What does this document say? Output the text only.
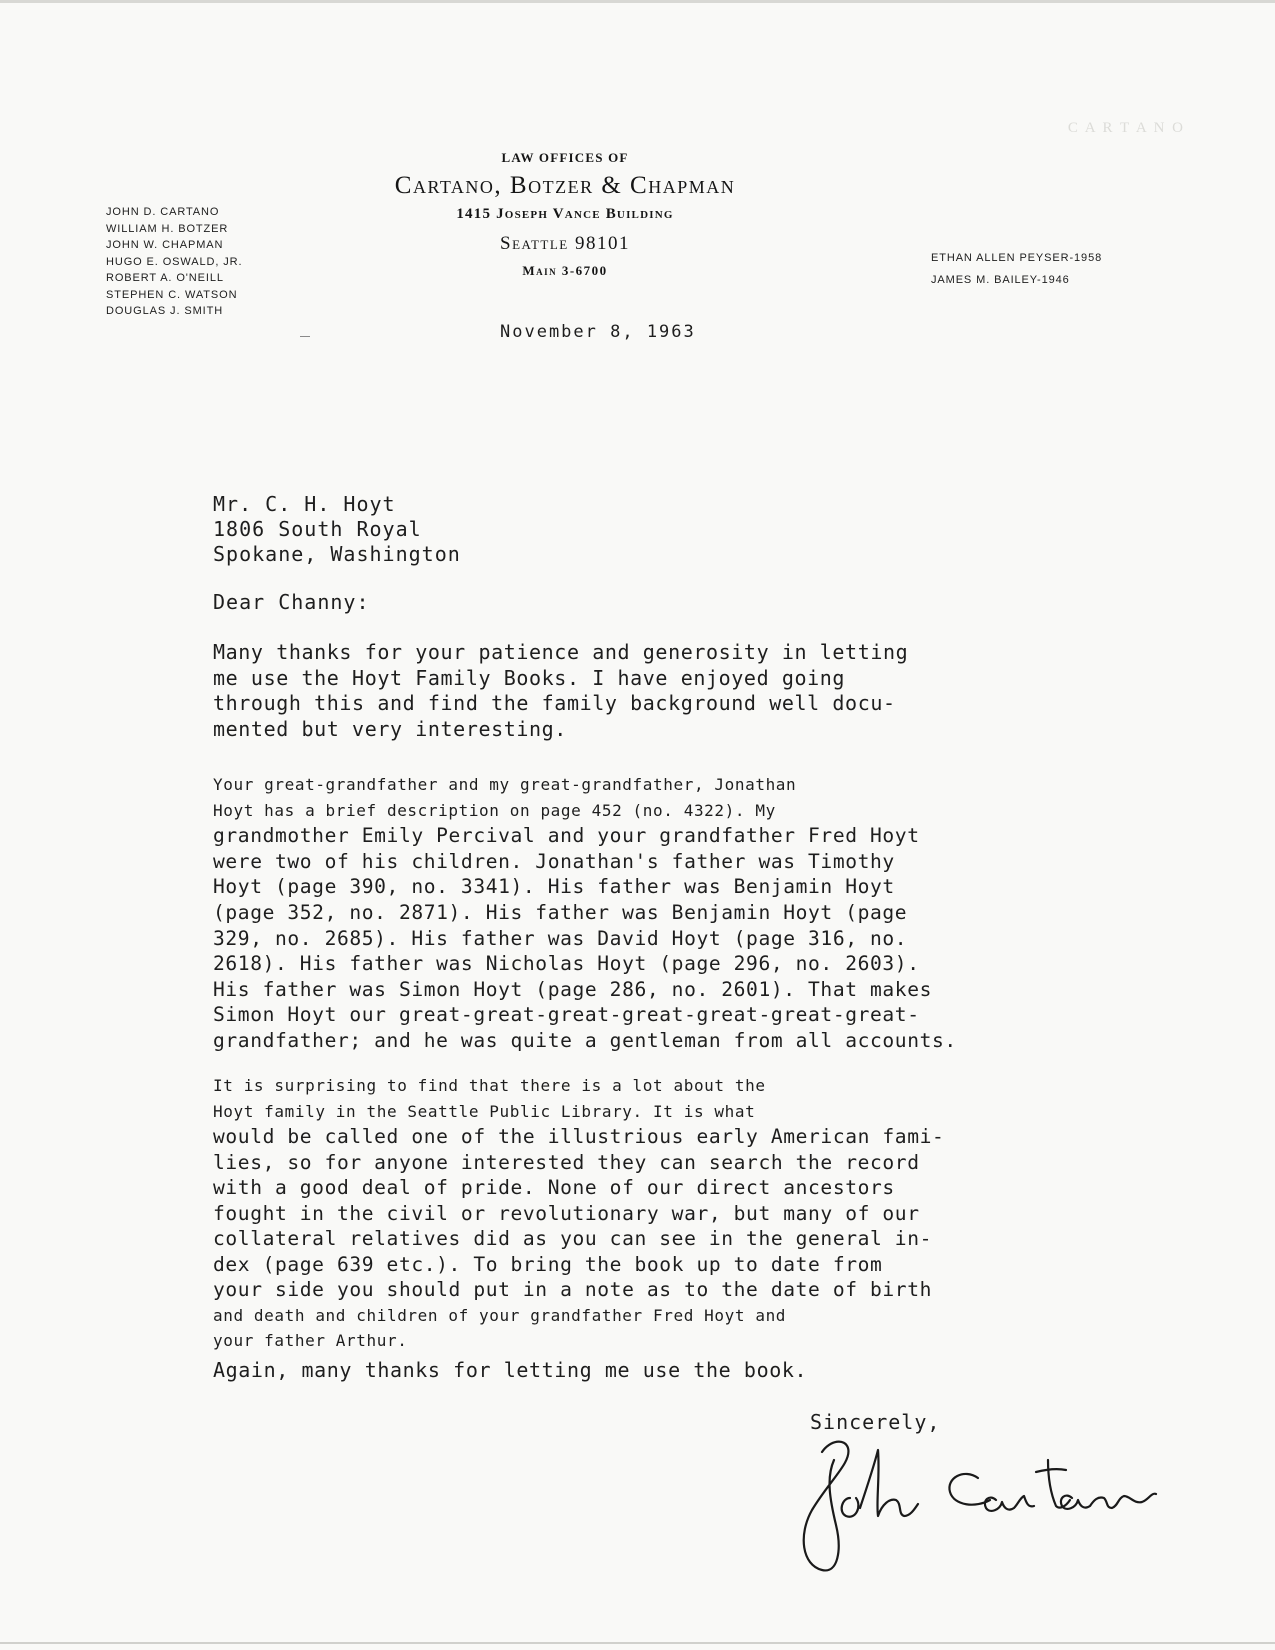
C A R T A N O
LAW OFFICES OF
Cartano, Botzer & Chapman
1415 Joseph Vance Building
Seattle 98101
Main 3-6700
JOHN D. CARTANO
WILLIAM H. BOTZER
JOHN W. CHAPMAN
HUGO E. OSWALD, JR.
ROBERT A. O'NEILL
STEPHEN C. WATSON
DOUGLAS J. SMITH
ETHAN ALLEN PEYSER-1958
JAMES M. BAILEY-1946
November 8, 1963
Mr. C. H. Hoyt
1806 South Royal
Spokane, Washington
Dear Channy:
Many thanks for your patience and generosity in letting
me use the Hoyt Family Books. I have enjoyed going
through this and find the family background well docu-
mented but very interesting.
Your great-grandfather and my great-grandfather, Jonathan
Hoyt has a brief description on page 452 (no. 4322). My
grandmother Emily Percival and your grandfather Fred Hoyt
were two of his children. Jonathan's father was Timothy
Hoyt (page 390, no. 3341). His father was Benjamin Hoyt
(page 352, no. 2871). His father was Benjamin Hoyt (page
329, no. 2685). His father was David Hoyt (page 316, no.
2618). His father was Nicholas Hoyt (page 296, no. 2603).
His father was Simon Hoyt (page 286, no. 2601). That makes
Simon Hoyt our great-great-great-great-great-great-great-
grandfather; and he was quite a gentleman from all accounts.
It is surprising to find that there is a lot about the
Hoyt family in the Seattle Public Library. It is what
would be called one of the illustrious early American fami-
lies, so for anyone interested they can search the record
with a good deal of pride. None of our direct ancestors
fought in the civil or revolutionary war, but many of our
collateral relatives did as you can see in the general in-
dex (page 639 etc.). To bring the book up to date from
your side you should put in a note as to the date of birth
and death and children of your grandfather Fred Hoyt and
your father Arthur.
Again, many thanks for letting me use the book.
Sincerely,
